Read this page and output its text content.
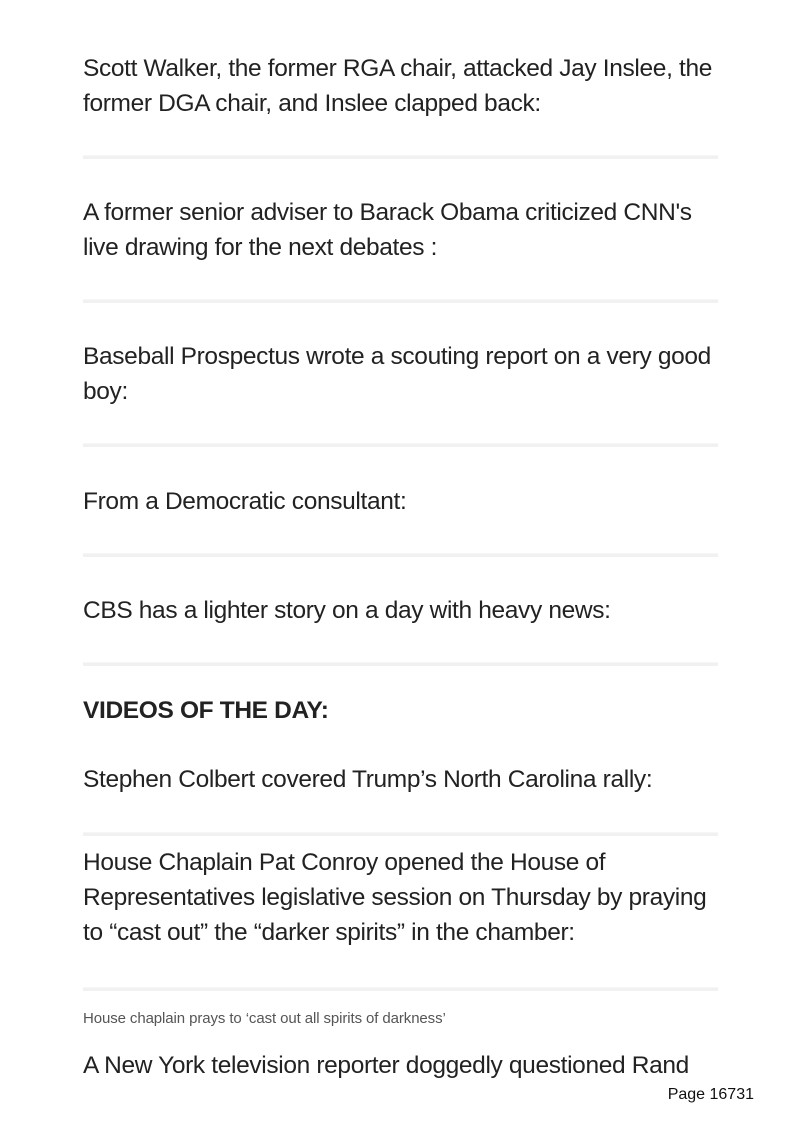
Scott Walker, the former RGA chair, attacked Jay Inslee, the former DGA chair, and Inslee clapped back:

A former senior adviser to Barack Obama criticized CNN's live drawing for the next debates :

Baseball Prospectus wrote a scouting report on a very good boy:

From a Democratic consultant:

CBS has a lighter story on a day with heavy news:

VIDEOS OF THE DAY:

Stephen Colbert covered Trump’s North Carolina rally:

House Chaplain Pat Conroy opened the House of Representatives legislative session on Thursday by praying to “cast out” the “darker spirits” in the chamber:

House chaplain prays to ‘cast out all spirits of darkness’

A New York television reporter doggedly questioned Rand

Page 16731
